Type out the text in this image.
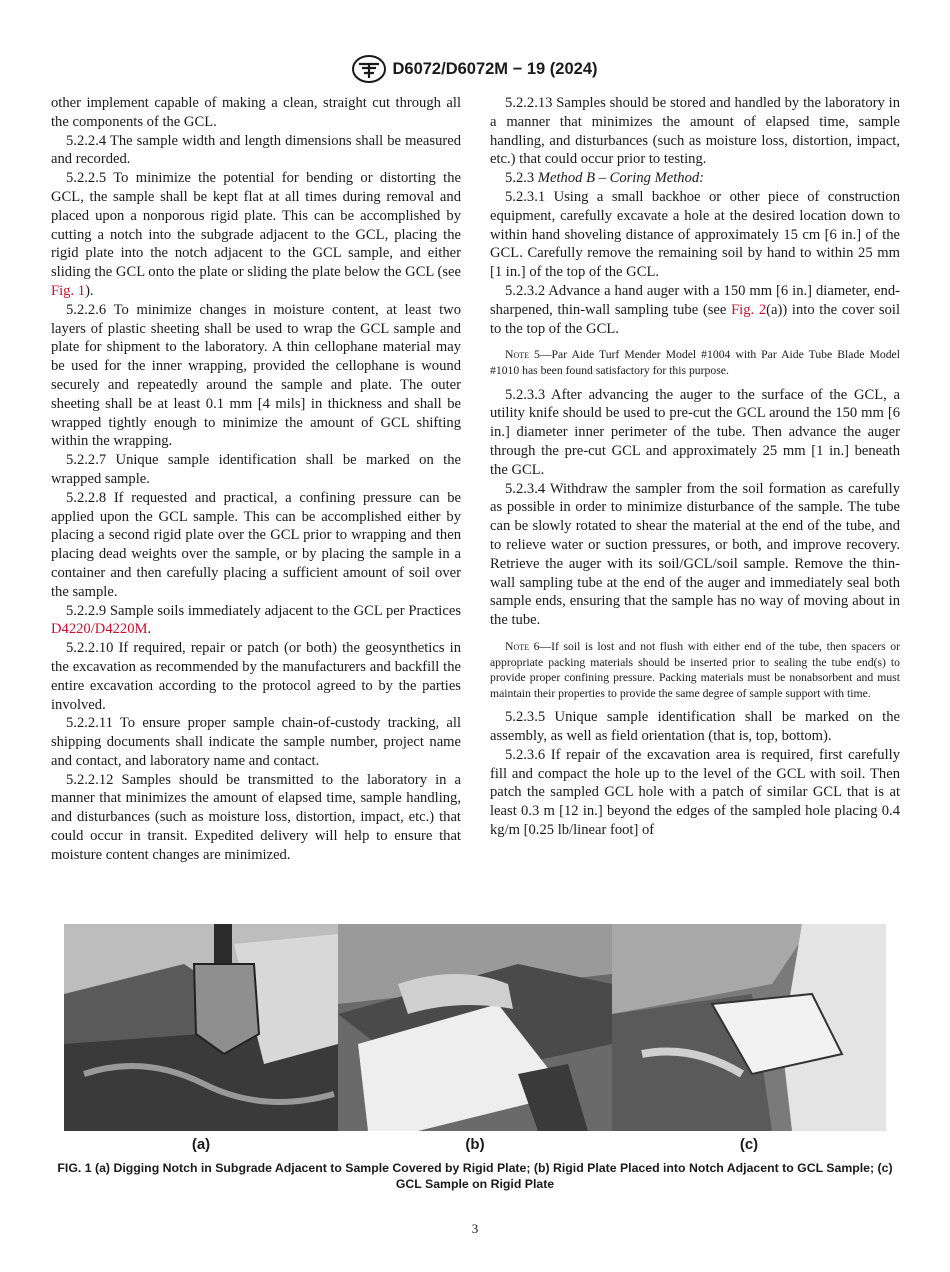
D6072/D6072M − 19 (2024)

other implement capable of making a clean, straight cut through all the components of the GCL.

5.2.2.4 The sample width and length dimensions shall be measured and recorded.

5.2.2.5 To minimize the potential for bending or distorting the GCL, the sample shall be kept flat at all times during removal and placed upon a nonporous rigid plate. This can be accomplished by cutting a notch into the subgrade adjacent to the GCL, placing the rigid plate into the notch adjacent to the GCL sample, and either sliding the GCL onto the plate or sliding the plate below the GCL (see Fig. 1).

5.2.2.6 To minimize changes in moisture content, at least two layers of plastic sheeting shall be used to wrap the GCL sample and plate for shipment to the laboratory. A thin cellophane material may be used for the inner wrapping, provided the cellophane is wound securely and repeatedly around the sample and plate. The outer sheeting shall be at least 0.1 mm [4 mils] in thickness and shall be wrapped tightly enough to minimize the amount of GCL shifting within the wrapping.

5.2.2.7 Unique sample identification shall be marked on the wrapped sample.

5.2.2.8 If requested and practical, a confining pressure can be applied upon the GCL sample. This can be accomplished either by placing a second rigid plate over the GCL prior to wrapping and then placing dead weights over the sample, or by placing the sample in a container and then carefully placing a sufficient amount of soil over the sample.

5.2.2.9 Sample soils immediately adjacent to the GCL per Practices D4220/D4220M.

5.2.2.10 If required, repair or patch (or both) the geosynthetics in the excavation as recommended by the manufacturers and backfill the entire excavation according to the protocol agreed to by the parties involved.

5.2.2.11 To ensure proper sample chain-of-custody tracking, all shipping documents shall indicate the sample number, project name and contact, and laboratory name and contact.

5.2.2.12 Samples should be transmitted to the laboratory in a manner that minimizes the amount of elapsed time, sample handling, and disturbances (such as moisture loss, distortion, impact, etc.) that could occur in transit. Expedited delivery will help to ensure that moisture content changes are minimized.

5.2.2.13 Samples should be stored and handled by the laboratory in a manner that minimizes the amount of elapsed time, sample handling, and disturbances (such as moisture loss, distortion, impact, etc.) that could occur prior to testing.

5.2.3 Method B – Coring Method:

5.2.3.1 Using a small backhoe or other piece of construction equipment, carefully excavate a hole at the desired location down to within hand shoveling distance of approximately 15 cm [6 in.] of the GCL. Carefully remove the remaining soil by hand to within 25 mm [1 in.] of the top of the GCL.

5.2.3.2 Advance a hand auger with a 150 mm [6 in.] diameter, end-sharpened, thin-wall sampling tube (see Fig. 2(a)) into the cover soil to the top of the GCL.

Note 5—Par Aide Turf Mender Model #1004 with Par Aide Tube Blade Model #1010 has been found satisfactory for this purpose.

5.2.3.3 After advancing the auger to the surface of the GCL, a utility knife should be used to pre-cut the GCL around the 150 mm [6 in.] diameter inner perimeter of the tube. Then advance the auger through the pre-cut GCL and approximately 25 mm [1 in.] beneath the GCL.

5.2.3.4 Withdraw the sampler from the soil formation as carefully as possible in order to minimize disturbance of the sample. The tube can be slowly rotated to shear the material at the end of the tube, and to relieve water or suction pressures, or both, and improve recovery. Retrieve the auger with its soil/GCL/soil sample. Remove the thin-wall sampling tube at the end of the auger and immediately seal both sample ends, ensuring that the sample has no way of moving about in the tube.

Note 6—If soil is lost and not flush with either end of the tube, then spacers or appropriate packing materials should be inserted prior to sealing the tube end(s) to provide proper confining pressure. Packing materials must be nonabsorbent and must maintain their properties to provide the same degree of sample support with time.

5.2.3.5 Unique sample identification shall be marked on the assembly, as well as field orientation (that is, top, bottom).

5.2.3.6 If repair of the excavation area is required, first carefully fill and compact the hole up to the level of the GCL with soil. Then patch the sampled GCL hole with a patch of similar GCL that is at least 0.3 m [12 in.] beyond the edges of the sampled hole placing 0.4 kg/m [0.25 lb/linear foot] of

(a)	(b)	(c)
FIG. 1 (a) Digging Notch in Subgrade Adjacent to Sample Covered by Rigid Plate; (b) Rigid Plate Placed into Notch Adjacent to GCL Sample; (c) GCL Sample on Rigid Plate
3
